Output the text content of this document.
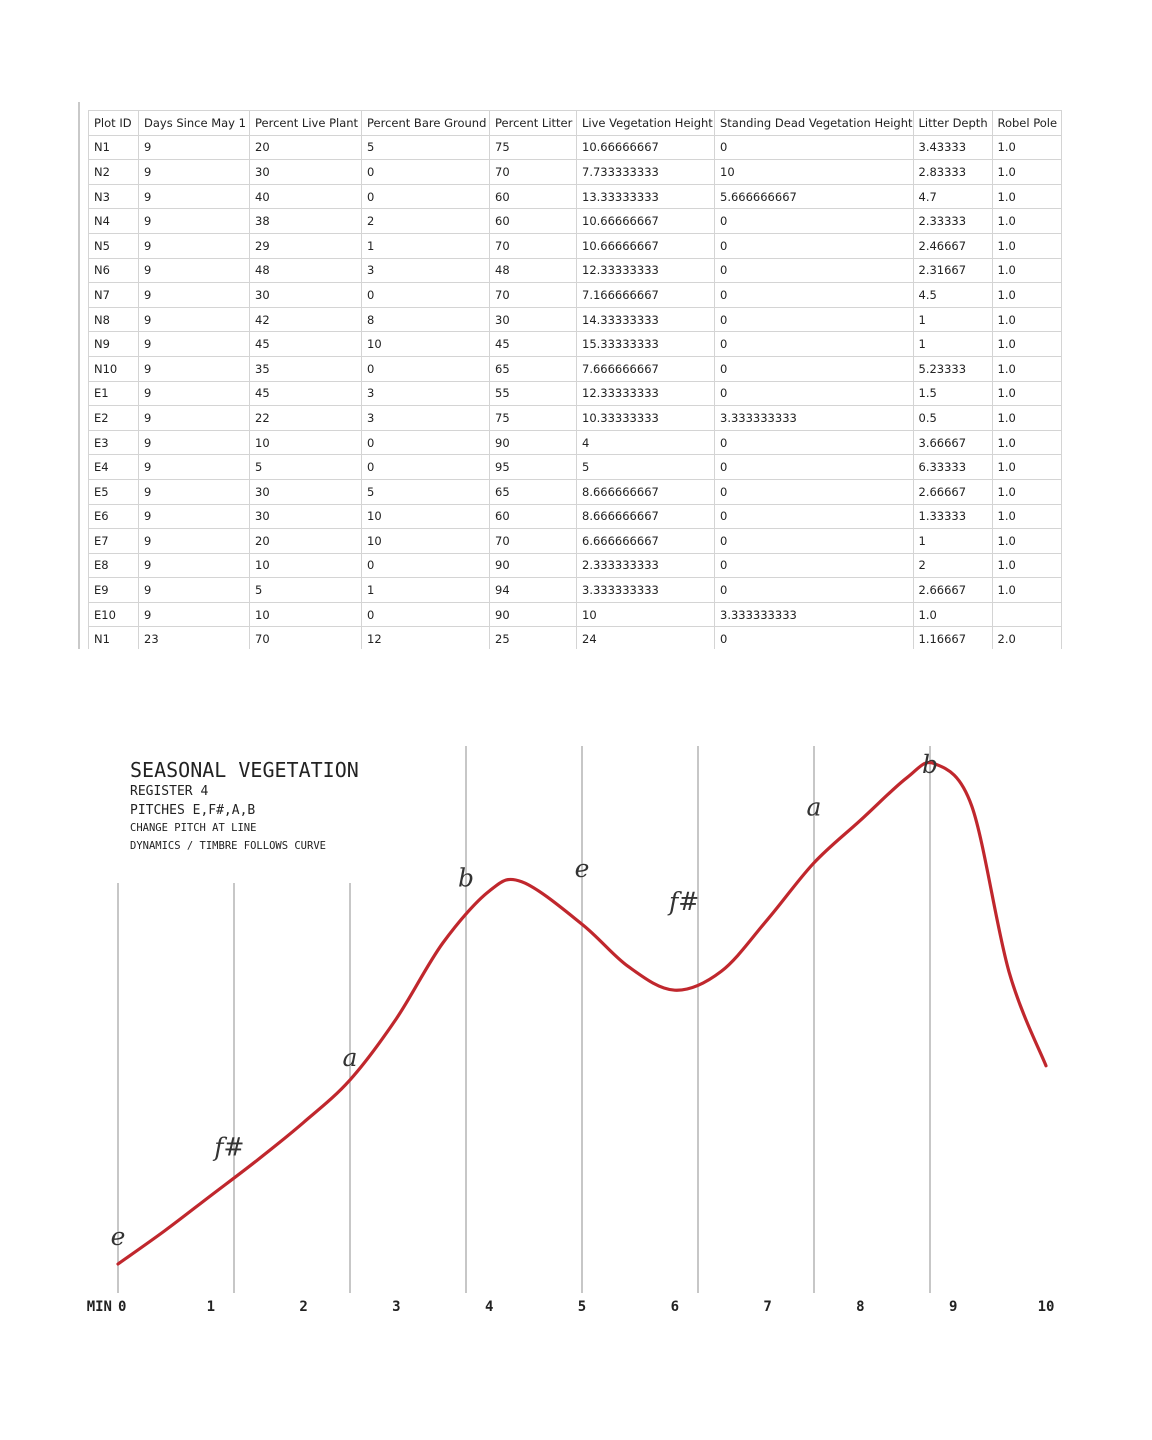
Plot ID	Days Since May 1	Percent Live Plant	Percent Bare Ground	Percent Litter	Live Vegetation Height	Standing Dead Vegetation Height	Litter Depth	Robel Pole
N1	9	20	5	75	10.66666667	0	3.43333	1.0
N2	9	30	0	70	7.733333333	10	2.83333	1.0
N3	9	40	0	60	13.33333333	5.666666667	4.7	1.0
N4	9	38	2	60	10.66666667	0	2.33333	1.0
N5	9	29	1	70	10.66666667	0	2.46667	1.0
N6	9	48	3	48	12.33333333	0	2.31667	1.0
N7	9	30	0	70	7.166666667	0	4.5	1.0
N8	9	42	8	30	14.33333333	0	1	1.0
N9	9	45	10	45	15.33333333	0	1	1.0
N10	9	35	0	65	7.666666667	0	5.23333	1.0
E1	9	45	3	55	12.33333333	0	1.5	1.0
E2	9	22	3	75	10.33333333	3.333333333	0.5	1.0
E3	9	10	0	90	4	0	3.66667	1.0
E4	9	5	0	95	5	0	6.33333	1.0
E5	9	30	5	65	8.666666667	0	2.66667	1.0
E6	9	30	10	60	8.666666667	0	1.33333	1.0
E7	9	20	10	70	6.666666667	0	1	1.0
E8	9	10	0	90	2.333333333	0	2	1.0
E9	9	5	1	94	3.333333333	0	2.66667	1.0
E10	9	10	0	90	10	3.333333333	1.0	
N1	23	70	12	25	24	0	1.16667	2.0
SEASONAL VEGETATION
REGISTER 4
PITCHES E,F#,A,B
CHANGE PITCH AT LINE
DYNAMICS / TIMBRE FOLLOWS CURVE
e
f#
a
b	e
f#
a
b
MIN 0	1	2	3	4	5	6	7	8	9	10
